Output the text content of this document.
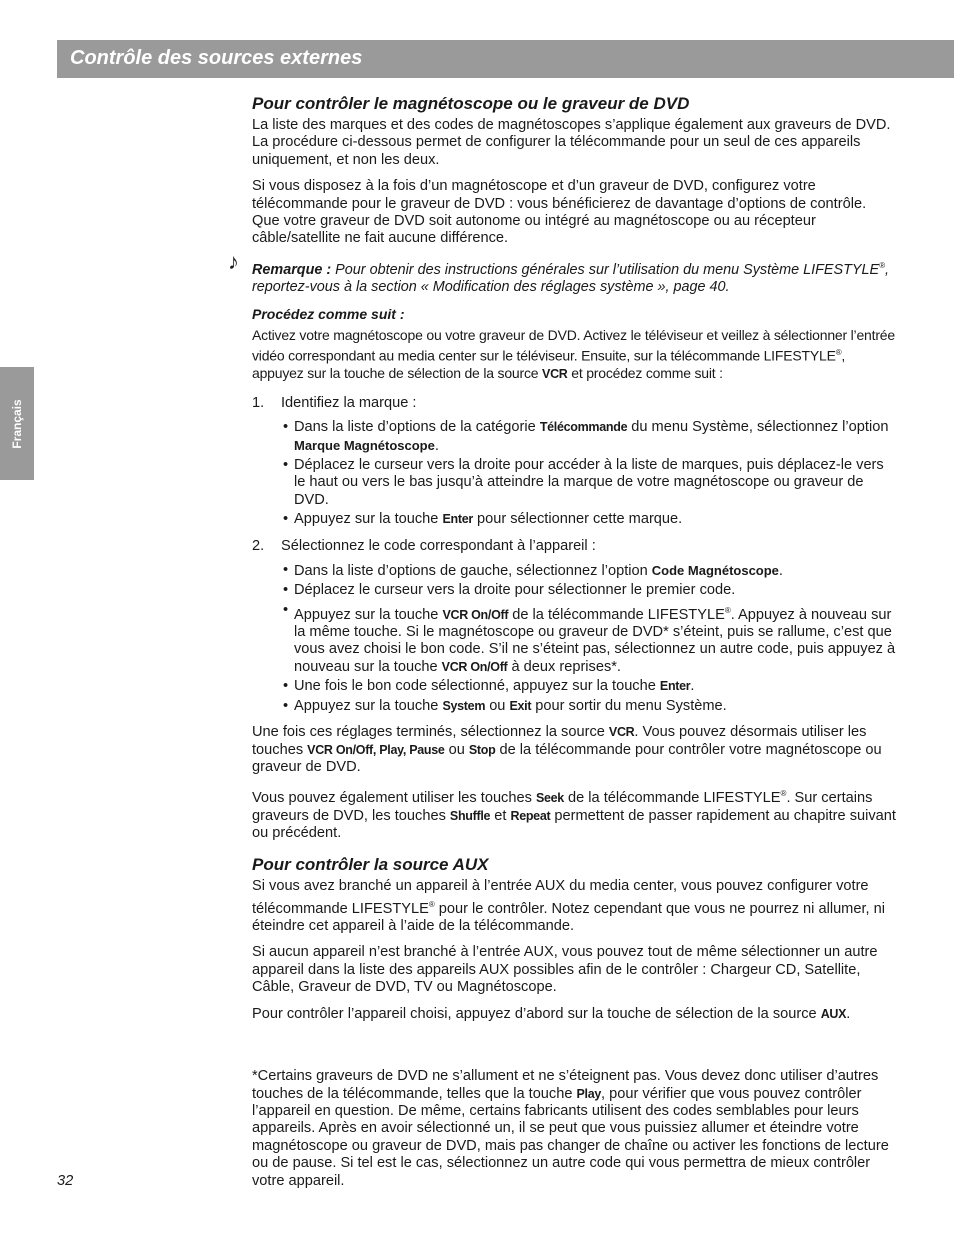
Contrôle des sources externes
Français
Pour contrôler le magnétoscope ou le graveur de DVD

La liste des marques et des codes de magnétoscopes s’applique également aux graveurs de DVD. La procédure ci-dessous permet de configurer la télécommande pour un seul de ces appareils uniquement, et non les deux.

Si vous disposez à la fois d’un magnétoscope et d’un graveur de DVD, configurez votre télécommande pour le graveur de DVD : vous bénéficierez de davantage d’options de contrôle. Que votre graveur de DVD soit autonome ou intégré au magnétoscope ou au récepteur câble/satellite ne fait aucune différence.

♪ Remarque : Pour obtenir des instructions générales sur l’utilisation du menu Système LIFESTYLE®, reportez-vous à la section « Modification des réglages système », page 40.

Procédez comme suit :

Activez votre magnétoscope ou votre graveur de DVD. Activez le téléviseur et veillez à sélectionner l’entrée vidéo correspondant au media center sur le téléviseur. Ensuite, sur la télécommande LIFESTYLE®, appuyez sur la touche de sélection de la source VCR et procédez comme suit :

1. Identifiez la marque :
• Dans la liste d’options de la catégorie Télécommande du menu Système, sélectionnez l’option Marque Magnétoscope.
• Déplacez le curseur vers la droite pour accéder à la liste de marques, puis déplacez-le vers le haut ou vers le bas jusqu’à atteindre la marque de votre magnétoscope ou graveur de DVD.
• Appuyez sur la touche Enter pour sélectionner cette marque.
2. Sélectionnez le code correspondant à l’appareil :
• Dans la liste d’options de gauche, sélectionnez l’option Code Magnétoscope.
• Déplacez le curseur vers la droite pour sélectionner le premier code.
• Appuyez sur la touche VCR On/Off de la télécommande LIFESTYLE®. Appuyez à nouveau sur la même touche. Si le magnétoscope ou graveur de DVD* s’éteint, puis se rallume, c’est que vous avez choisi le bon code. S’il ne s’éteint pas, sélectionnez un autre code, puis appuyez à nouveau sur la touche VCR On/Off à deux reprises*.
• Une fois le bon code sélectionné, appuyez sur la touche Enter.
• Appuyez sur la touche System ou Exit pour sortir du menu Système.

Une fois ces réglages terminés, sélectionnez la source VCR. Vous pouvez désormais utiliser les touches VCR On/Off, Play, Pause ou Stop de la télécommande pour contrôler votre magnétoscope ou graveur de DVD.

Vous pouvez également utiliser les touches Seek de la télécommande LIFESTYLE®. Sur certains graveurs de DVD, les touches Shuffle et Repeat permettent de passer rapidement au chapitre suivant ou précédent.

Pour contrôler la source AUX

Si vous avez branché un appareil à l’entrée AUX du media center, vous pouvez configurer votre télécommande LIFESTYLE® pour le contrôler. Notez cependant que vous ne pourrez ni allumer, ni éteindre cet appareil à l’aide de la télécommande.

Si aucun appareil n’est branché à l’entrée AUX, vous pouvez tout de même sélectionner un autre appareil dans la liste des appareils AUX possibles afin de le contrôler : Chargeur CD, Satellite, Câble, Graveur de DVD, TV ou Magnétoscope.

Pour contrôler l’appareil choisi, appuyez d’abord sur la touche de sélection de la source AUX.

*Certains graveurs de DVD ne s’allument et ne s’éteignent pas. Vous devez donc utiliser d’autres touches de la télécommande, telles que la touche Play, pour vérifier que vous pouvez contrôler l’appareil en question. De même, certains fabricants utilisent des codes semblables pour leurs appareils. Après en avoir sélectionné un, il se peut que vous puissiez allumer et éteindre votre magnétoscope ou graveur de DVD, mais pas changer de chaîne ou activer les fonctions de lecture ou de pause. Si tel est le cas, sélectionnez un autre code qui vous permettra de mieux contrôler votre appareil.

32
